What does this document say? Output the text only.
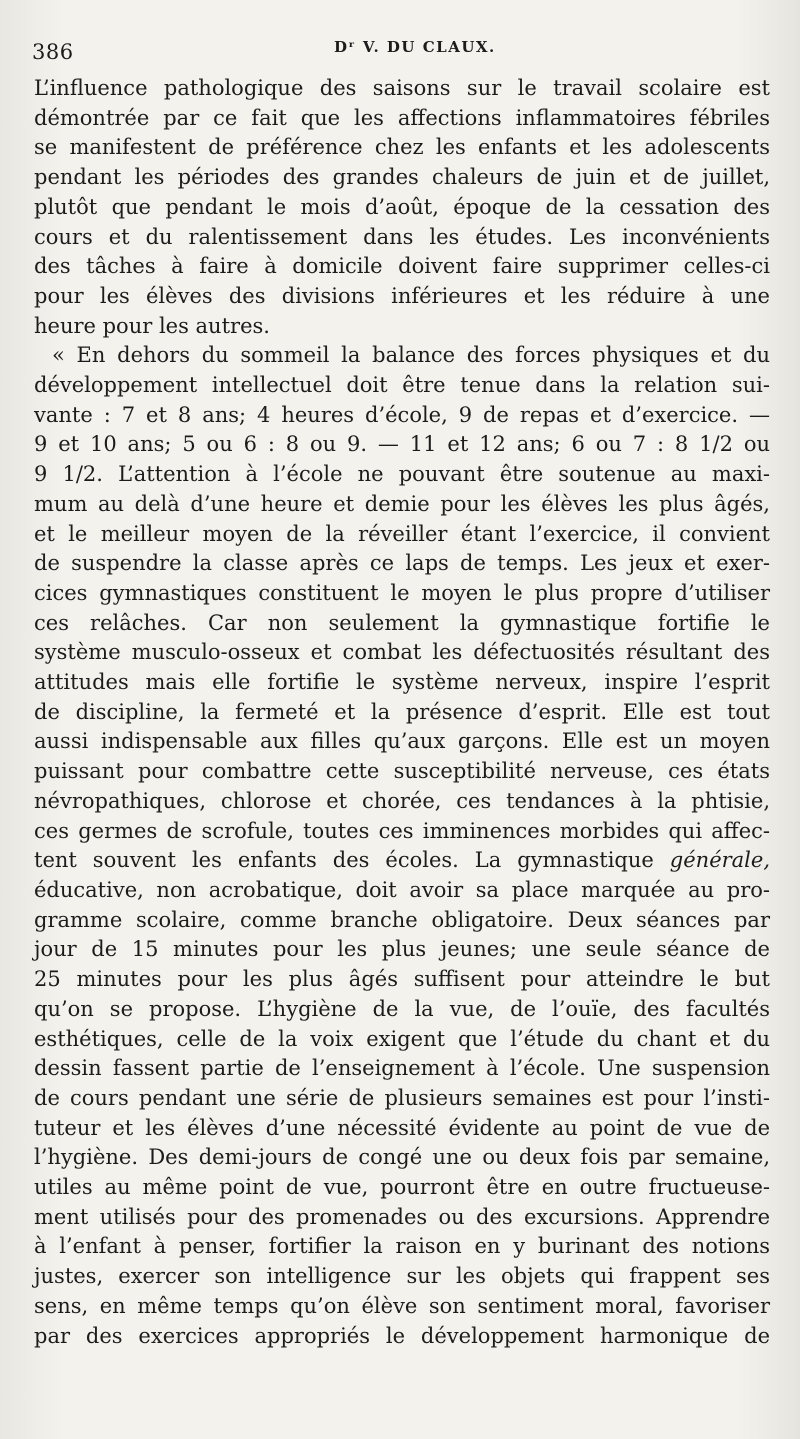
386	Dʳ V. DU CLAUX.

L’influence pathologique des saisons sur le travail scolaire est
démontrée par ce fait que les affections inflammatoires fébriles
se manifestent de préférence chez les enfants et les adolescents
pendant les périodes des grandes chaleurs de juin et de juillet,
plutôt que pendant le mois d’août, époque de la cessation des
cours et du ralentissement dans les études. Les inconvénients
des tâches à faire à domicile doivent faire supprimer celles-ci
pour les élèves des divisions inférieures et les réduire à une
heure pour les autres.

« En dehors du sommeil la balance des forces physiques et du
développement intellectuel doit être tenue dans la relation sui-
vante : 7 et 8 ans; 4 heures d’école, 9 de repas et d’exercice. —
9 et 10 ans; 5 ou 6 : 8 ou 9. — 11 et 12 ans; 6 ou 7 : 8 1/2 ou
9 1/2. L’attention à l’école ne pouvant être soutenue au maxi-
mum au delà d’une heure et demie pour les élèves les plus âgés,
et le meilleur moyen de la réveiller étant l’exercice, il convient
de suspendre la classe après ce laps de temps. Les jeux et exer-
cices gymnastiques constituent le moyen le plus propre d’utiliser
ces relâches. Car non seulement la gymnastique fortifie le
système musculo-osseux et combat les défectuosités résultant des
attitudes mais elle fortifie le système nerveux, inspire l’esprit
de discipline, la fermeté et la présence d’esprit. Elle est tout
aussi indispensable aux filles qu’aux garçons. Elle est un moyen
puissant pour combattre cette susceptibilité nerveuse, ces états
névropathiques, chlorose et chorée, ces tendances à la phtisie,
ces germes de scrofule, toutes ces imminences morbides qui affec-
tent souvent les enfants des écoles. La gymnastique générale,
éducative, non acrobatique, doit avoir sa place marquée au pro-
gramme scolaire, comme branche obligatoire. Deux séances par
jour de 15 minutes pour les plus jeunes; une seule séance de
25 minutes pour les plus âgés suffisent pour atteindre le but
qu’on se propose. L’hygiène de la vue, de l’ouïe, des facultés
esthétiques, celle de la voix exigent que l’étude du chant et du
dessin fassent partie de l’enseignement à l’école. Une suspension
de cours pendant une série de plusieurs semaines est pour l’insti-
tuteur et les élèves d’une nécessité évidente au point de vue de
l’hygiène. Des demi-jours de congé une ou deux fois par semaine,
utiles au même point de vue, pourront être en outre fructueuse-
ment utilisés pour des promenades ou des excursions. Apprendre
à l’enfant à penser, fortifier la raison en y burinant des notions
justes, exercer son intelligence sur les objets qui frappent ses
sens, en même temps qu’on élève son sentiment moral, favoriser
par des exercices appropriés le développement harmonique de
